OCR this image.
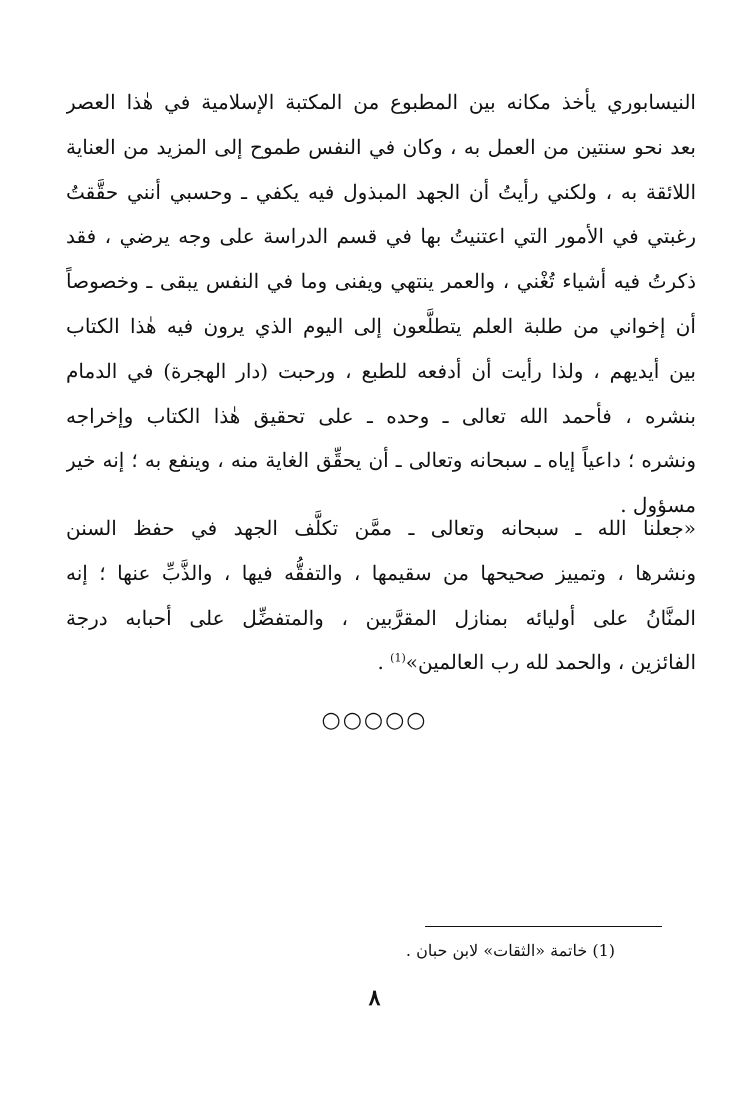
النيسابوري يأخذ مكانه بين المطبوع من المكتبة الإسلامية في هٰذا العصر
بعد نحو سنتين من العمل به ، وكان في النفس طموح إلى المزيد من العناية
اللائقة به ، ولكني رأيتُ أن الجهد المبذول فيه يكفي ـ وحسبي أنني حقَّقتُ
رغبتي في الأمور التي اعتنيتُ بها في قسم الدراسة على وجه يرضي ، فقد
ذكرتُ فيه أشياء تُغْني ، والعمر ينتهي ويفنى وما في النفس يبقى ـ وخصوصاً
أن إخواني من طلبة العلم يتطلَّعون إلى اليوم الذي يرون فيه هٰذا الكتاب
بين أيديهم ، ولذا رأيت أن أدفعه للطبع ، ورحبت (دار الهجرة) في الدمام
بنشره ، فأحمد الله تعالى ـ وحده ـ على تحقيق هٰذا الكتاب وإخراجه
ونشره ؛ داعياً إياه ـ سبحانه وتعالى ـ أن يحقِّق الغاية منه ، وينفع به ؛ إنه خير
مسؤول .
«جعلنا الله ـ سبحانه وتعالى ـ ممَّن تكلَّف الجهد في حفظ السنن
ونشرها ، وتمييز صحيحها من سقيمها ، والتفقُّه فيها ، والذَّبِّ عنها ؛ إنه
المنَّانُ على أوليائه بمنازل المقرَّبين ، والمتفضِّل على أحبابه درجة
الفائزين ، والحمد لله رب العالمين»$^{(1)}$ .
○○○○○
(1) خاتمة «الثقات» لابن حبان .
٨
